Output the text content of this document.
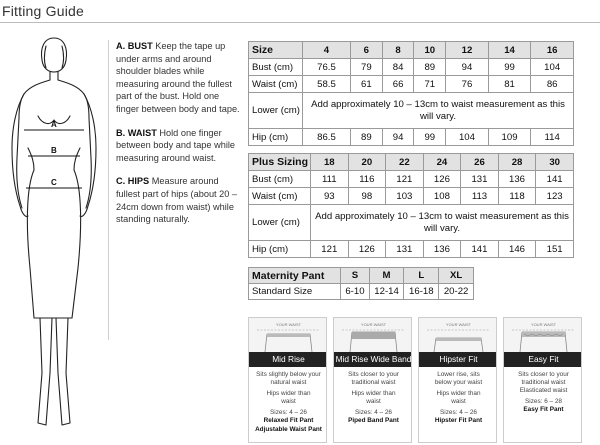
Fitting Guide
A
B
C
A. BUST Keep the tape up under arms and around shoulder blades while measuring around the fullest part of the bust. Hold one finger between body and tape.
B. WAIST Hold one finger between body and tape while measuring around waist.
C. HIPS Measure around fullest part of hips (about 20 – 24cm down from waist) while standing naturally.
Size	4	6	8	10	12	14	16
Bust (cm)	76.5	79	84	89	94	99	104
Waist (cm)	58.5	61	66	71	76	81	86
Lower (cm)	Add approximately 10 – 13cm to waist measurement as this will vary.						
Hip (cm)	86.5	89	94	99	104	109	114
Plus Sizing	18	20	22	24	26	28	30
Bust (cm)	111	116	121	126	131	136	141
Waist (cm)	93	98	103	108	113	118	123
Lower (cm)	Add approximately 10 – 13cm to waist measurement as this will vary.						
Hip (cm)	121	126	131	136	141	146	151
Maternity Pant	S	M	L	XL
Standard Size	6-10	12-14	16-18	20-22
YOUR WAIST
Mid Rise
Sits slightly below your
natural waist
Hips wider than
waist
Sizes: 4 – 26
Relaxed Fit Pant
Adjustable Waist Pant
YOUR WAIST
Mid Rise Wide Band
Sits closer to your
traditional waist
Hips wider than
waist
Sizes: 4 – 26
Piped Band Pant
YOUR WAIST
Hipster Fit
Lower rise, sits
below your waist
Hips wider than
waist
Sizes: 4 – 26
Hipster Fit Pant
YOUR WAIST
Easy Fit
Sits closer to your
traditional waist
Elasticated waist
Sizes: 6 – 28
Easy Fit Pant
